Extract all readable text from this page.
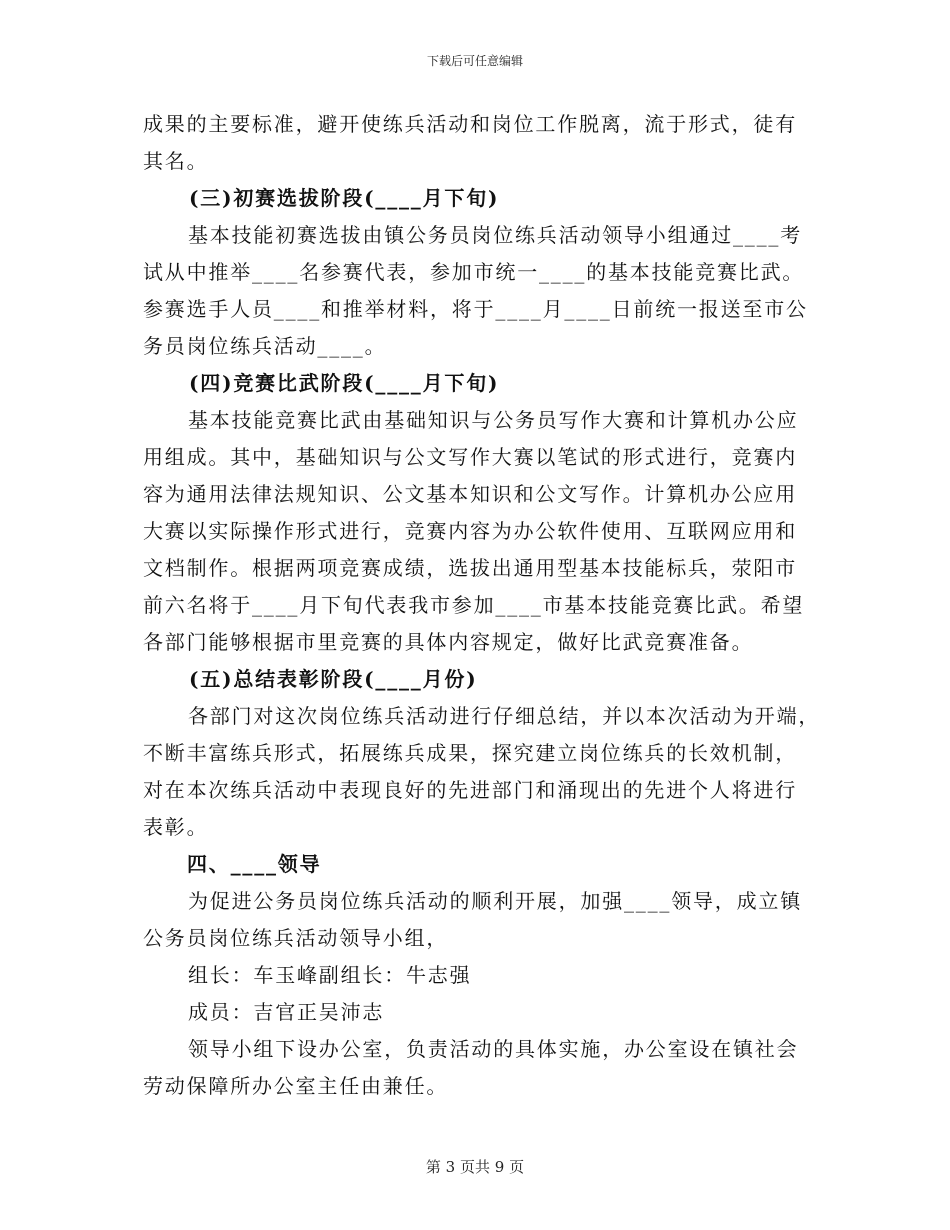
下载后可任意编辑

成果的主要标准，避开使练兵活动和岗位工作脱离，流于形式，徒有
其名。

(三)初赛选拔阶段(____月下旬)

基本技能初赛选拔由镇公务员岗位练兵活动领导小组通过____考
试从中推举____名参赛代表，参加市统一____的基本技能竞赛比武。
参赛选手人员____和推举材料，将于____月____日前统一报送至市公
务员岗位练兵活动____。

(四)竞赛比武阶段(____月下旬)

基本技能竞赛比武由基础知识与公务员写作大赛和计算机办公应
用组成。其中，基础知识与公文写作大赛以笔试的形式进行，竞赛内
容为通用法律法规知识、公文基本知识和公文写作。计算机办公应用
大赛以实际操作形式进行，竞赛内容为办公软件使用、互联网应用和
文档制作。根据两项竞赛成绩，选拔出通用型基本技能标兵，荥阳市
前六名将于____月下旬代表我市参加____市基本技能竞赛比武。希望
各部门能够根据市里竞赛的具体内容规定，做好比武竞赛准备。

(五)总结表彰阶段(____月份)

各部门对这次岗位练兵活动进行仔细总结，并以本次活动为开端，
不断丰富练兵形式，拓展练兵成果，探究建立岗位练兵的长效机制，
对在本次练兵活动中表现良好的先进部门和涌现出的先进个人将进行
表彰。

四、____领导

为促进公务员岗位练兵活动的顺利开展，加强____领导，成立镇
公务员岗位练兵活动领导小组，

组长：车玉峰副组长：牛志强

成员：吉官正吴沛志

领导小组下设办公室，负责活动的具体实施，办公室设在镇社会
劳动保障所办公室主任由兼任。

第 3 页共 9 页
